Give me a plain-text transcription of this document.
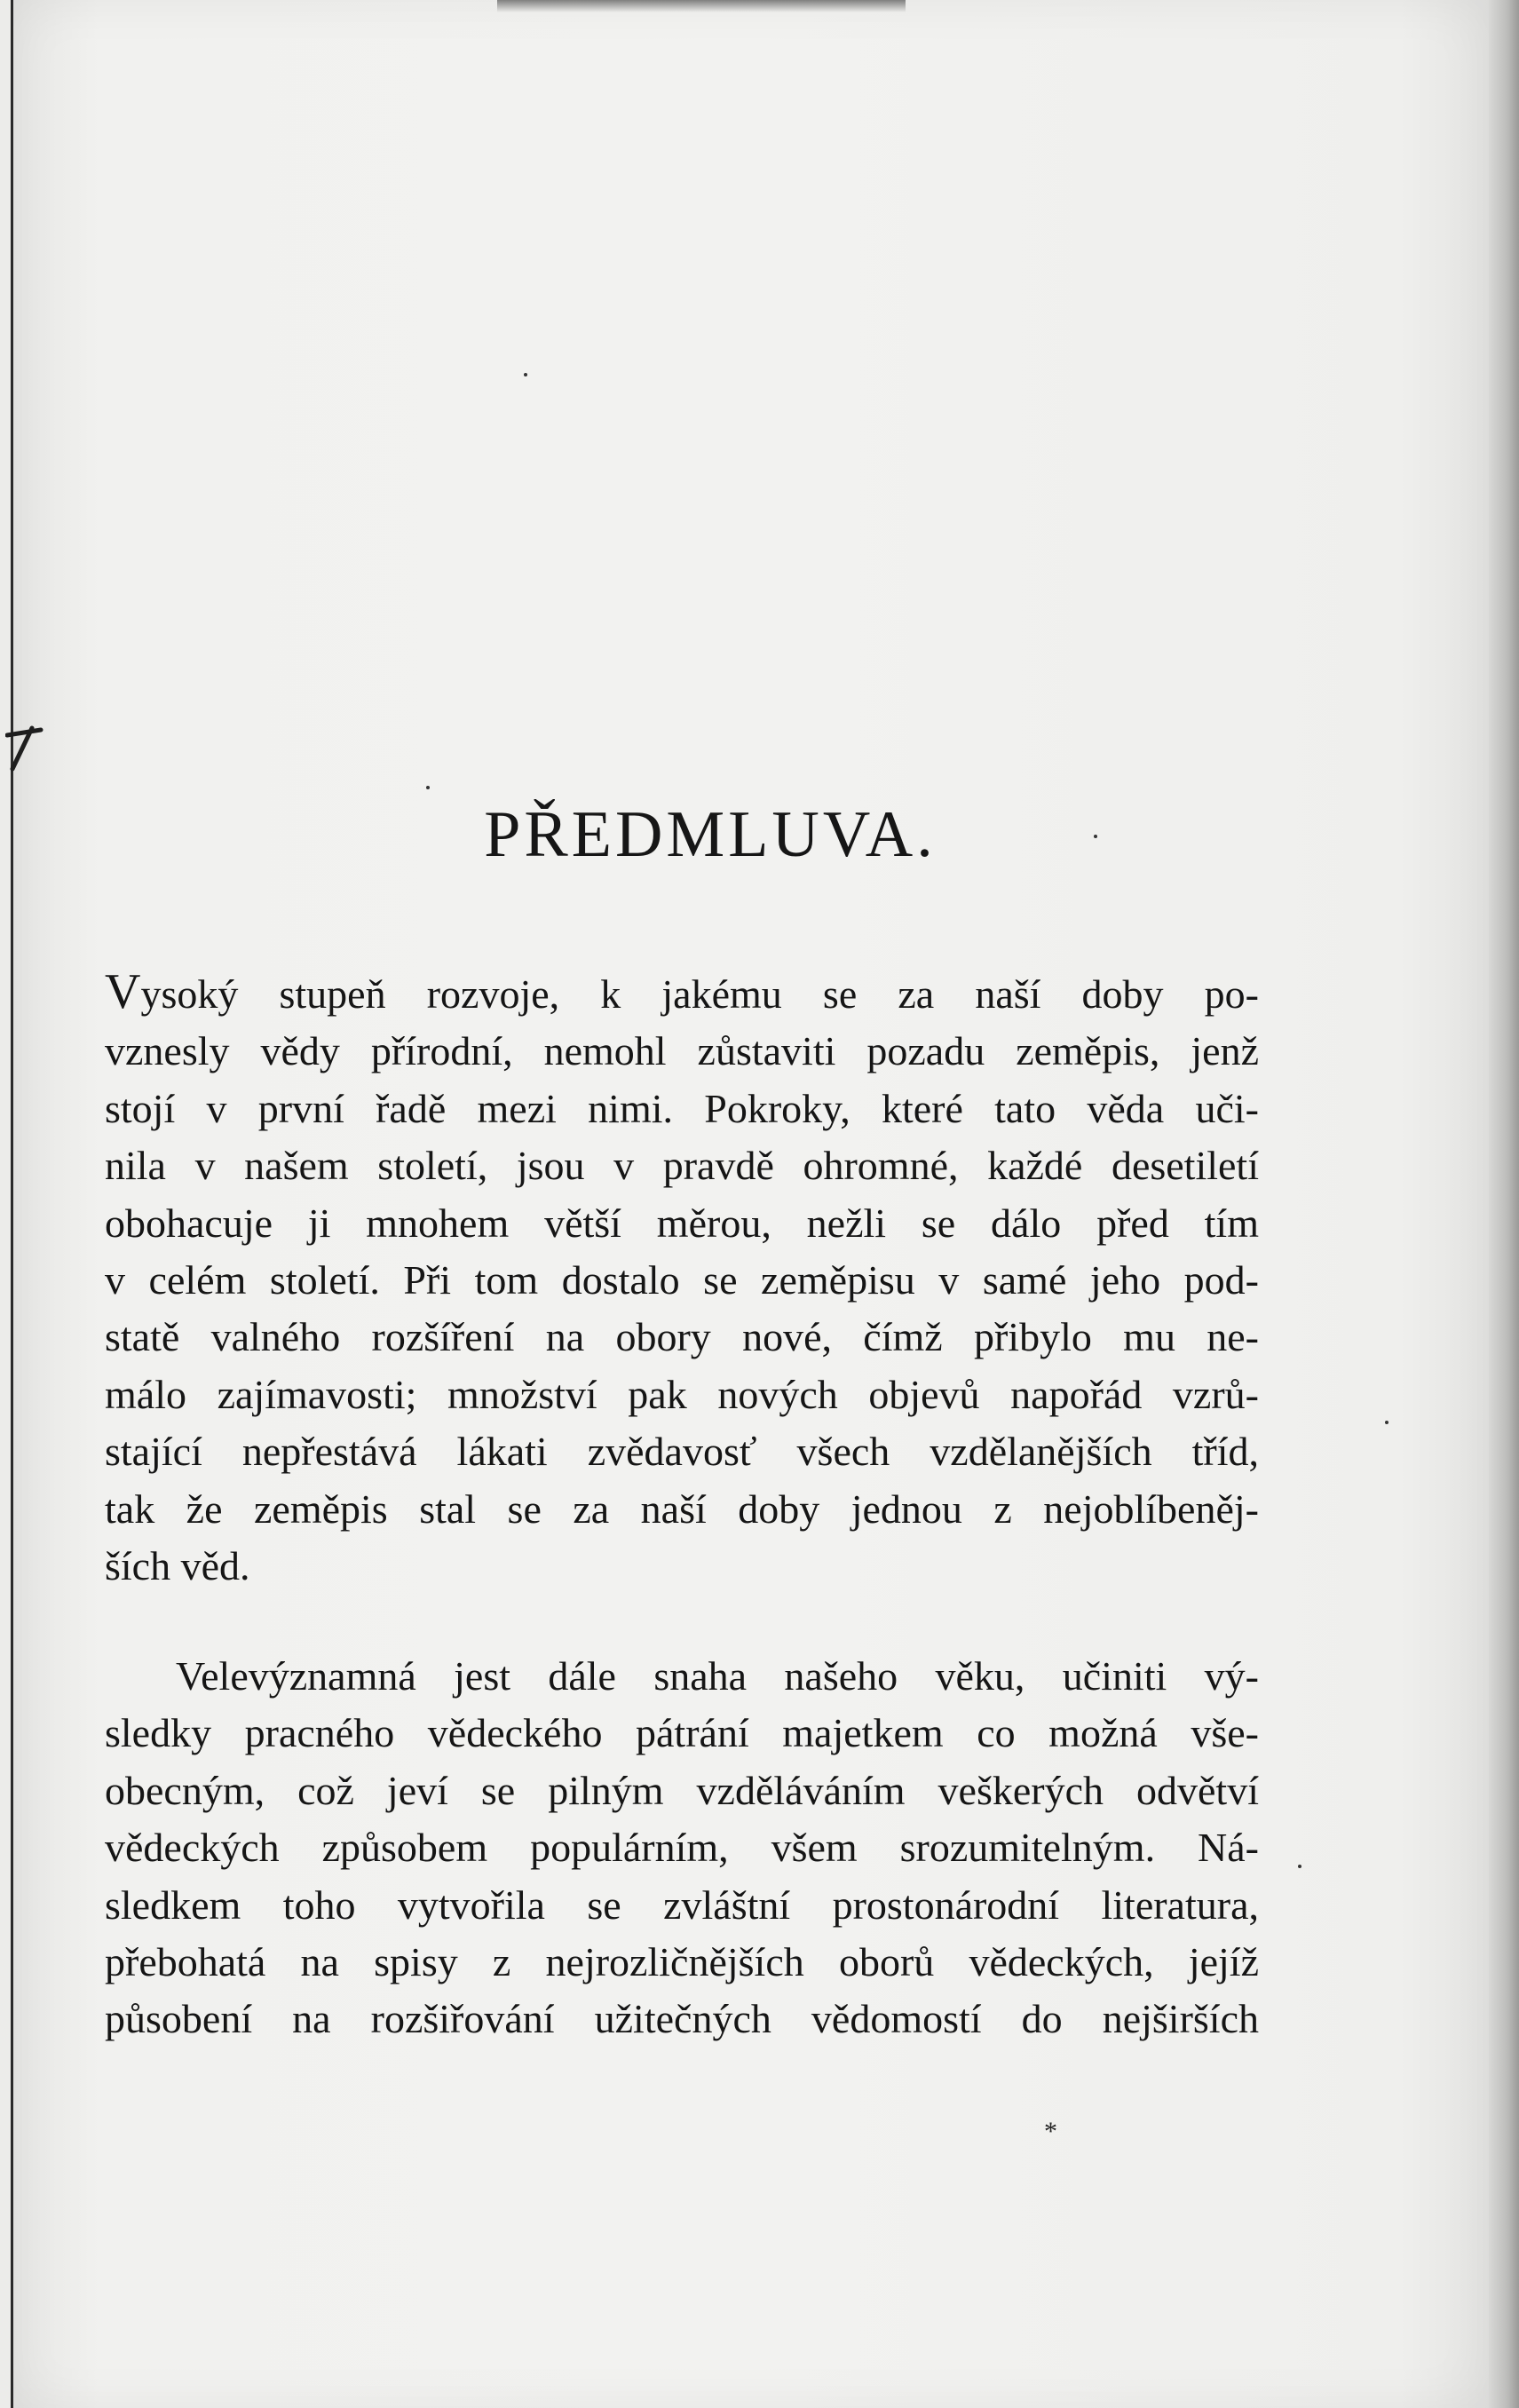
PŘEDMLUVA.
Vysoký stupeň rozvoje, k jakému se za naší doby po-
vznesly vědy přírodní, nemohl zůstaviti pozadu zeměpis, jenž
stojí v první řadě mezi nimi. Pokroky, které tato věda uči-
nila v našem století, jsou v pravdě ohromné, každé desetiletí
obohacuje ji mnohem větší měrou, nežli se dálo před tím
v celém století. Při tom dostalo se zeměpisu v samé jeho pod-
statě valného rozšíření na obory nové, čímž přibylo mu ne-
málo zajímavosti; množství pak nových objevů napořád vzrů-
stající nepřestává lákati zvědavosť všech vzdělanějších tříd,
tak že zeměpis stal se za naší doby jednou z nejoblíbeněj-
ších věd.
Velevýznamná jest dále snaha našeho věku, učiniti vý-
sledky pracného vědeckého pátrání majetkem co možná vše-
obecným, což jeví se pilným vzděláváním veškerých odvětví
vědeckých způsobem populárním, všem srozumitelným. Ná-
sledkem toho vytvořila se zvláštní prostonárodní literatura,
přebohatá na spisy z nejrozličnějších oborů vědeckých, jejíž
působení na rozšiřování užitečných vědomostí do nejširších
*
